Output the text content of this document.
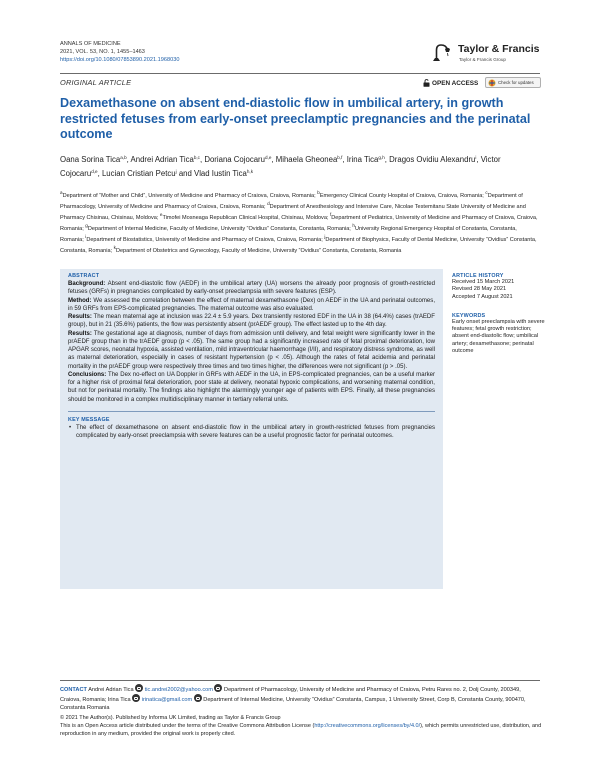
ANNALS OF MEDICINE
2021, VOL. 53, NO. 1, 1455–1463
https://doi.org/10.1080/07853890.2021.1968030
Taylor & Francis
Taylor & Francis Group
ORIGINAL ARTICLE	OPEN ACCESS	Check for updates
Dexamethasone on absent end-diastolic flow in umbilical artery, in growth restricted fetuses from early-onset preeclamptic pregnancies and the perinatal outcome
Oana Sorina Tica$^{a,b}$, Andrei Adrian Tica$^{b,c}$, Doriana Cojocaru$^{d,e}$, Mihaela Gheonea$^{b,f}$, Irina Tica$^{g,h}$, Dragos Ovidiu Alexandru$^i$, Victor Cojocaru$^{d,e}$, Lucian Cristian Petcu$^j$ and Vlad Iustin Tica$^{h,k}$
$^a$Department of “Mother and Child”, University of Medicine and Pharmacy of Craiova, Craiova, Romania; $^b$Emergency Clinical County Hospital of Craiova, Craiova, Romania; $^c$Department of Pharmacology, University of Medicine and Pharmacy of Craiova, Craiova, Romania; $^d$Department of Anesthesiology and Intensive Care, Nicolae Testemitanu State University of Medicine and Pharmacy Chisinau, Chisinau, Moldova; $^e$Timofei Mosneaga Republican Clinical Hospital, Chisinau, Moldova; $^f$Department of Pediatrics, University of Medicine and Pharmacy of Craiova, Craiova, Romania; $^g$Department of Internal Medicine, Faculty of Medicine, University “Ovidius” Constanta, Constanta, Romania; $^h$University Regional Emergency Hospital of Constanta, Constanta, Romania; $^i$Department of Biostatistics, University of Medicine and Pharmacy of Craiova, Craiova, Romania; $^j$Department of Biophysics, Faculty of Dental Medicine, University “Ovidius” Constanta, Constanta, Romania; $^k$Department of Obstetrics and Gynecology, Faculty of Medicine, University “Ovidius” Constanta, Constanta, Romania
ABSTRACT

Background: Absent end-diastolic flow (AEDF) in the umbilical artery (UA) worsens the already poor prognosis of growth-restricted fetuses (GRFs) in pregnancies complicated by early-onset preeclampsia with severe features (ESP).

Method: We assessed the correlation between the effect of maternal dexamethasone (Dex) on AEDF in the UA and perinatal outcomes, in 59 GRFs from EPS-complicated pregnancies. The maternal outcome was also evaluated.

Results: The mean maternal age at inclusion was 22.4 ± 5.9 years. Dex transiently restored EDF in the UA in 38 (64.4%) cases (trAEDF group), but in 21 (35.6%) patients, the flow was persistently absent (prAEDF group). The effect lasted up to the 4th day.

Results: The gestational age at diagnosis, number of days from admission until delivery, and fetal weight were significantly lower in the prAEDF group than in the trAEDF group (p < .05). The same group had a significantly increased rate of fetal proximal deterioration, low APGAR scores, neonatal hypoxia, assisted ventilation, mild intraventricular haemorrhage (I/II), and respiratory distress syndrome, as well as maternal deterioration, especially in cases of resistant hypertension (p < .05). Although the rates of fetal acidemia and perinatal mortality in the prAEDF group were respectively three times and two times higher, the differences were not significant (p > .05).

Conclusions: The Dex no-effect on UA Doppler in GRFs with AEDF in the UA, in EPS-complicated pregnancies, can be a useful marker for a higher risk of proximal fetal deterioration, poor state at delivery, neonatal hypoxic complications, and worsening maternal condition, but not for perinatal mortality. The findings also highlight the alarmingly younger age of patients with EPS. Finally, all these pregnancies should be monitored in a complex multidisciplinary manner in tertiary referral units.

KEY MESSAGE
• The effect of dexamethasone on absent end-diastolic flow in the umbilical artery in growth-restricted fetuses from pregnancies complicated by early-onset preeclampsia with severe features can be a useful prognostic factor for perinatal outcomes.
ARTICLE HISTORY
Received 15 March 2021
Revised 28 May 2021
Accepted 7 August 2021
KEYWORDS
Early onset preeclampsia with severe features; fetal growth restriction; absent end-diastolic flow; umbilical artery; dexamethasone; perinatal outcome
CONTACT Andrei Adrian Tica tic.andrei2002@yahoo.com Department of Pharmacology, University of Medicine and Pharmacy of Craiova, Petru Rares no. 2, Dolj County, 200349, Craiova, Romania; Irina Tica irinatica@gmail.com Department of Internal Medicine, University “Ovidius” Constanta, Campus, 1 University Street, Corp B, Constanta County, 900470, Constanta Romania
© 2021 The Author(s). Published by Informa UK Limited, trading as Taylor & Francis Group
This is an Open Access article distributed under the terms of the Creative Commons Attribution License (http://creativecommons.org/licenses/by/4.0/), which permits unrestricted use, distribution, and reproduction in any medium, provided the original work is properly cited.
